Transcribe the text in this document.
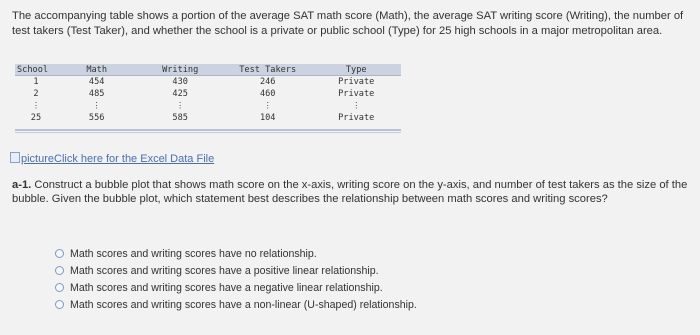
The accompanying table shows a portion of the average SAT math score (Math), the average SAT writing score (Writing), the number of test takers (Test Taker), and whether the school is a private or public school (Type) for 25 high schools in a major metropolitan area.
School	Math	Writing	Test Takers	Type
1	454	430	246	Private
2	485	425	460	Private
⋮	⋮	⋮	⋮	⋮
25	556	585	104	Private
pictureClick here for the Excel Data File
a-1. Construct a bubble plot that shows math score on the x-axis, writing score on the y-axis, and number of test takers as the size of the bubble. Given the bubble plot, which statement best describes the relationship between math scores and writing scores?
Math scores and writing scores have no relationship.
Math scores and writing scores have a positive linear relationship.
Math scores and writing scores have a negative linear relationship.
Math scores and writing scores have a non-linear (U-shaped) relationship.
